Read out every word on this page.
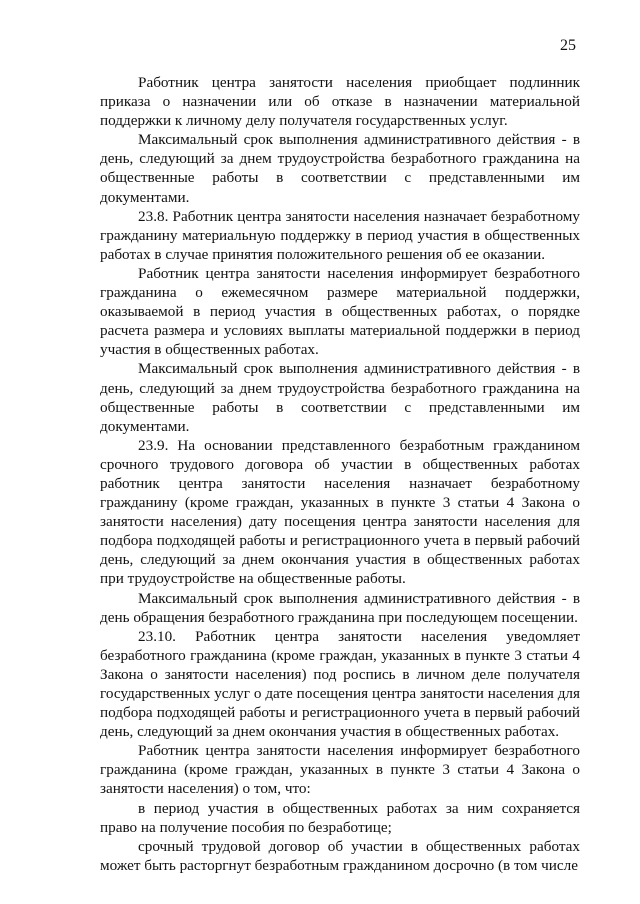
25

Работник центра занятости населения приобщает подлинник приказа о назначении или об отказе в назначении материальной поддержки к личному делу получателя государственных услуг.

Максимальный срок выполнения административного действия - в день, следующий за днем трудоустройства безработного гражданина на общественные работы в соответствии с представленными им документами.

23.8. Работник центра занятости населения назначает безработному гражданину материальную поддержку в период участия в общественных работах в случае принятия положительного решения об ее оказании.

Работник центра занятости населения информирует безработного гражданина о ежемесячном размере материальной поддержки, оказываемой в период участия в общественных работах, о порядке расчета размера и условиях выплаты материальной поддержки в период участия в общественных работах.

Максимальный срок выполнения административного действия - в день, следующий за днем трудоустройства безработного гражданина на общественные работы в соответствии с представленными им документами.

23.9. На основании представленного безработным гражданином срочного трудового договора об участии в общественных работах работник центра занятости населения назначает безработному гражданину (кроме граждан, указанных в пункте 3 статьи 4 Закона о занятости населения) дату посещения центра занятости населения для подбора подходящей работы и регистрационного учета в первый рабочий день, следующий за днем окончания участия в общественных работах при трудоустройстве на общественные работы.

Максимальный срок выполнения административного действия - в день обращения безработного гражданина при последующем посещении.

23.10. Работник центра занятости населения уведомляет безработного гражданина (кроме граждан, указанных в пункте 3 статьи 4 Закона о занятости населения) под роспись в личном деле получателя государственных услуг о дате посещения центра занятости населения для подбора подходящей работы и регистрационного учета в первый рабочий день, следующий за днем окончания участия в общественных работах.

Работник центра занятости населения информирует безработного гражданина (кроме граждан, указанных в пункте 3 статьи 4 Закона о занятости населения) о том, что:

в период участия в общественных работах за ним сохраняется право на получение пособия по безработице;

срочный трудовой договор об участии в общественных работах может быть расторгнут безработным гражданином досрочно (в том числе
